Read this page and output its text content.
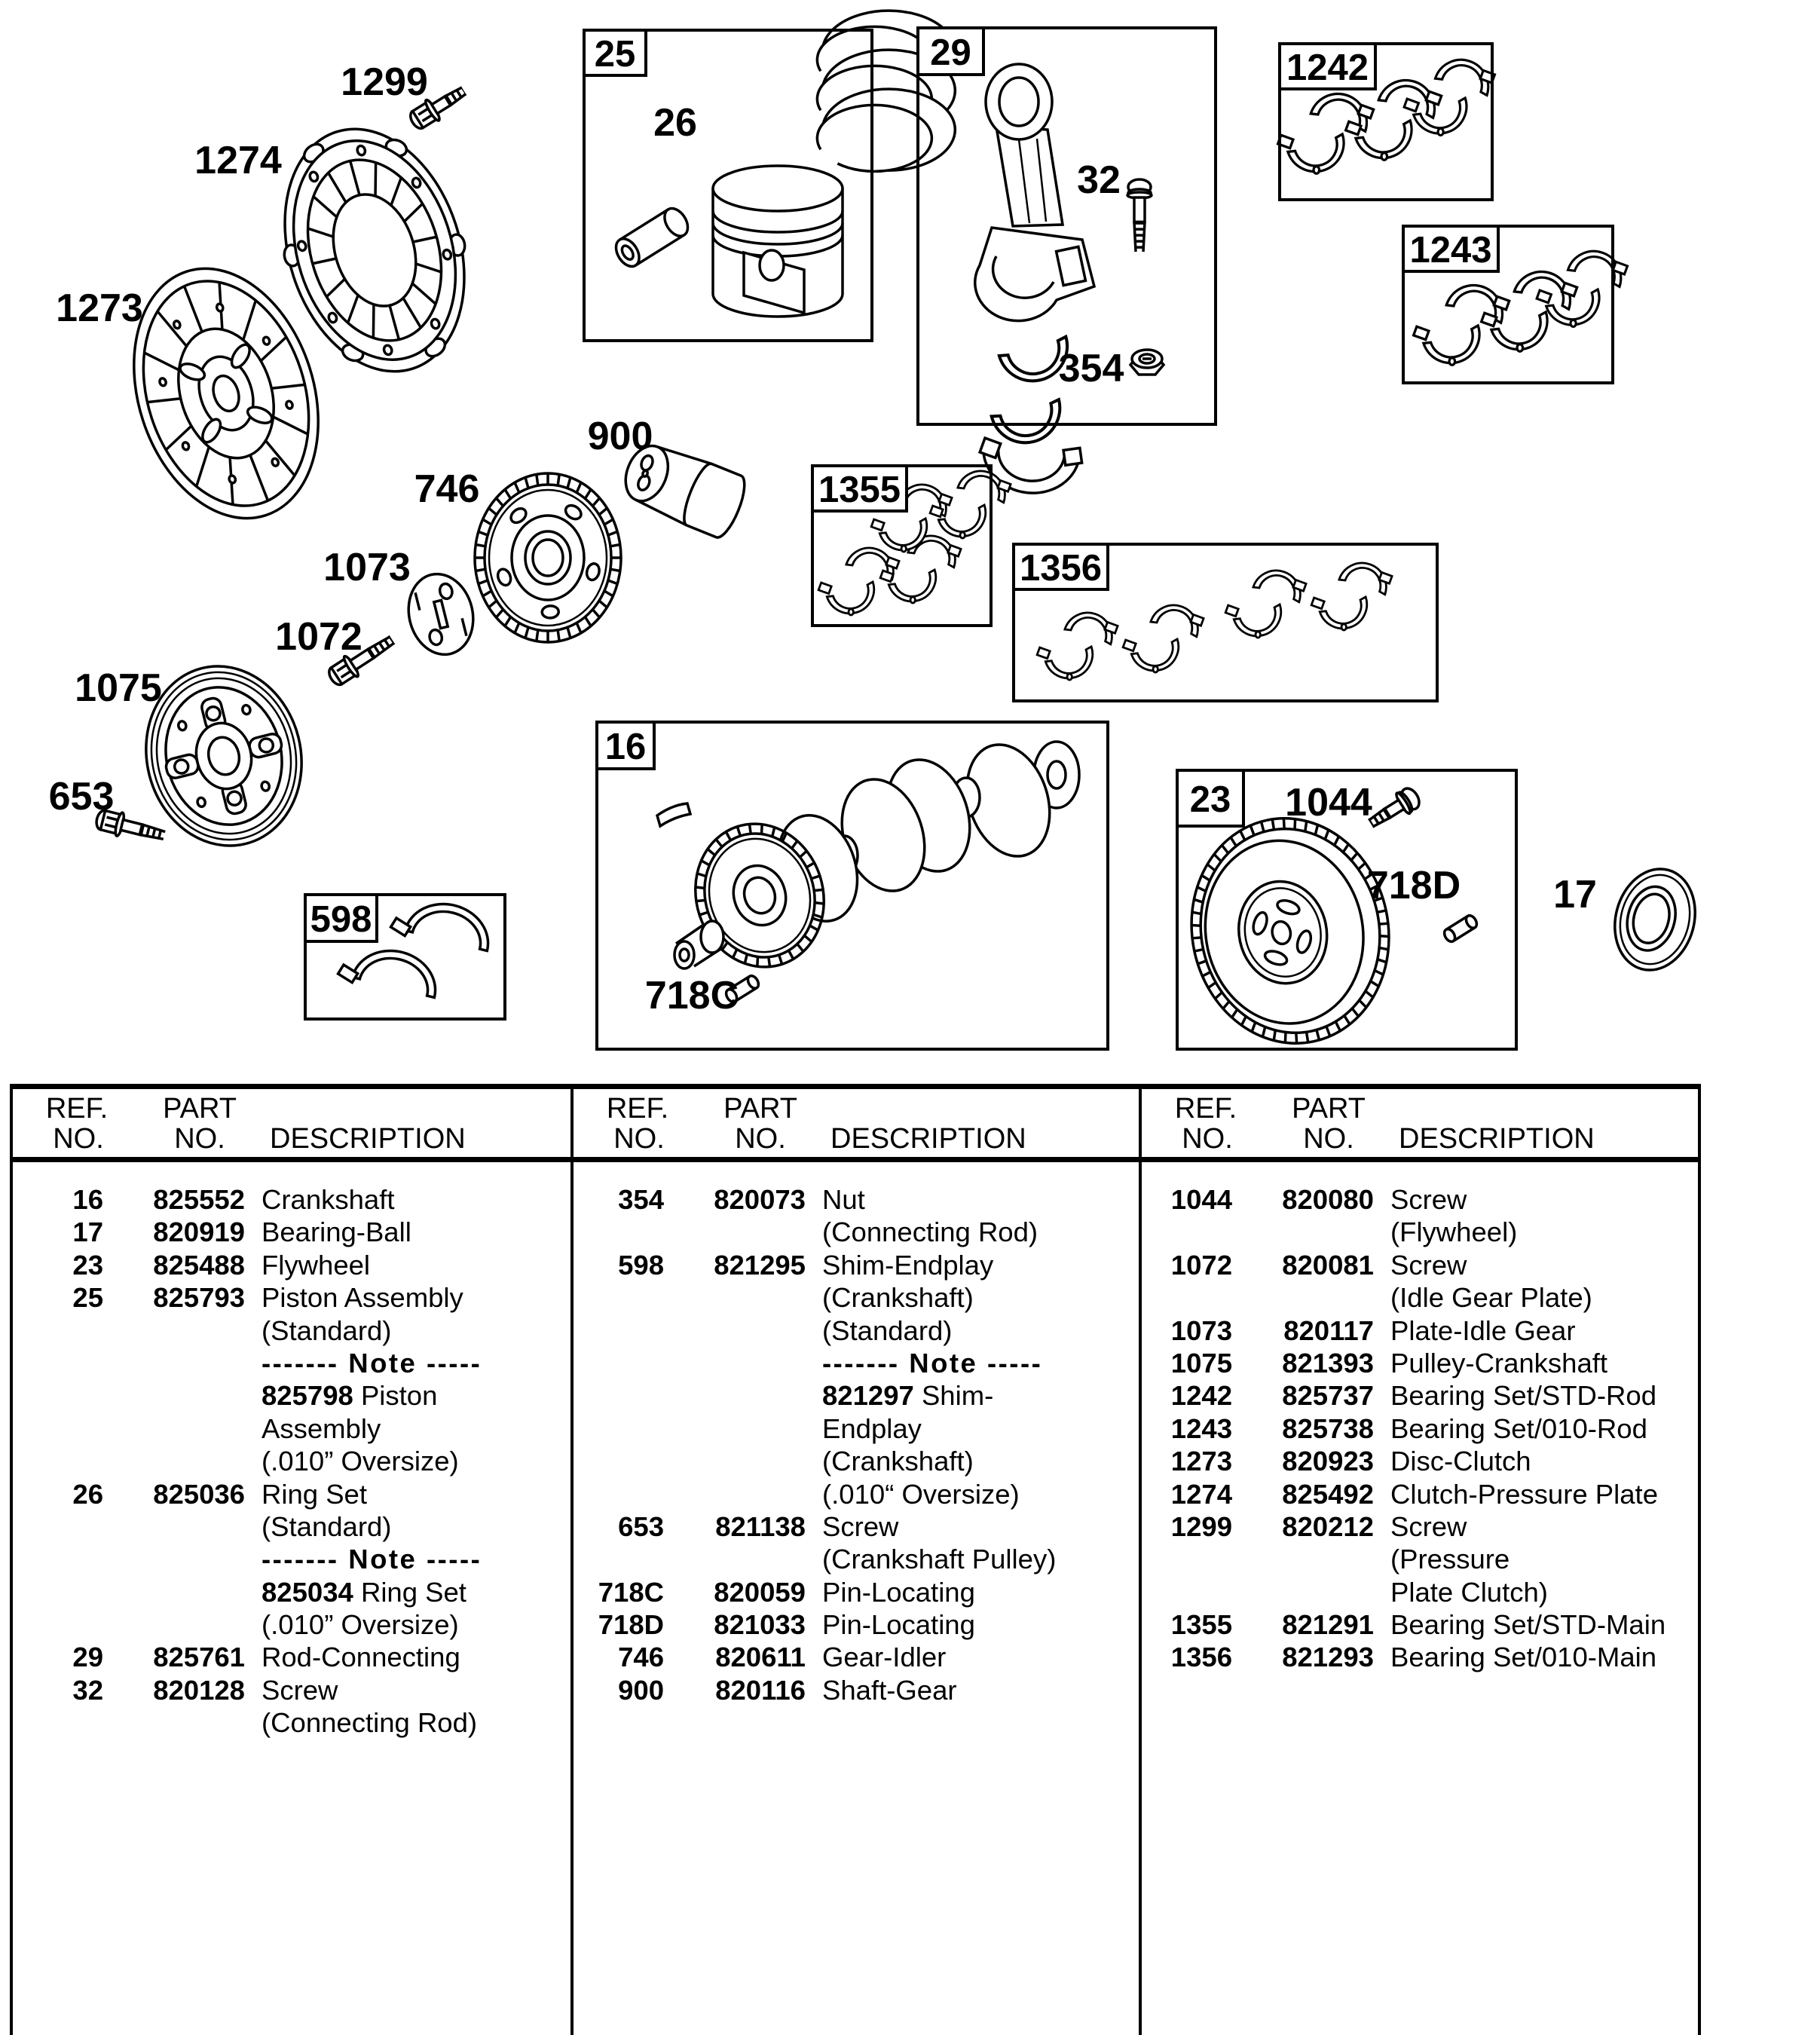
25	29	1242
1243
1355
1356
16
23
598
1299
1274
1273
26
32
354
900
746
1073
1072
1075
653
718C
1044
718D 17
REF.
NO.
PART
NO.	DESCRIPTION
REF.
NO.
PART
NO.	DESCRIPTION
REF.
NO.
PART
NO.	DESCRIPTION
16	825552 Crankshaft
17	820919 Bearing-Ball
23	825488 Flywheel
25	825793 Piston Assembly
(Standard)
------- Note -----
825798 Piston
Assembly
(.010” Oversize)
26	825036 Ring Set
(Standard)
------- Note -----
825034 Ring Set
(.010” Oversize)
29	825761 Rod-Connecting
32	820128 Screw
(Connecting Rod)
354	820073 Nut
(Connecting Rod)
598	821295 Shim-Endplay
(Crankshaft)
(Standard)
------- Note -----
821297 Shim-
Endplay
(Crankshaft)
(.010“ Oversize)
653	821138 Screw
(Crankshaft Pulley)
718C	820059 Pin-Locating
718D	821033 Pin-Locating
746	820611 Gear-Idler
900	820116 Shaft-Gear
1044	820080 Screw
(Flywheel)
1072	820081 Screw
(Idle Gear Plate)
1073	820117 Plate-Idle Gear
1075	821393 Pulley-Crankshaft
1242	825737 Bearing Set/STD-Rod
1243	825738 Bearing Set/010-Rod
1273	820923 Disc-Clutch
1274	825492 Clutch-Pressure Plate
1299	820212 Screw
(Pressure
Plate Clutch)
1355	821291 Bearing Set/STD-Main
1356	821293 Bearing Set/010-Main
